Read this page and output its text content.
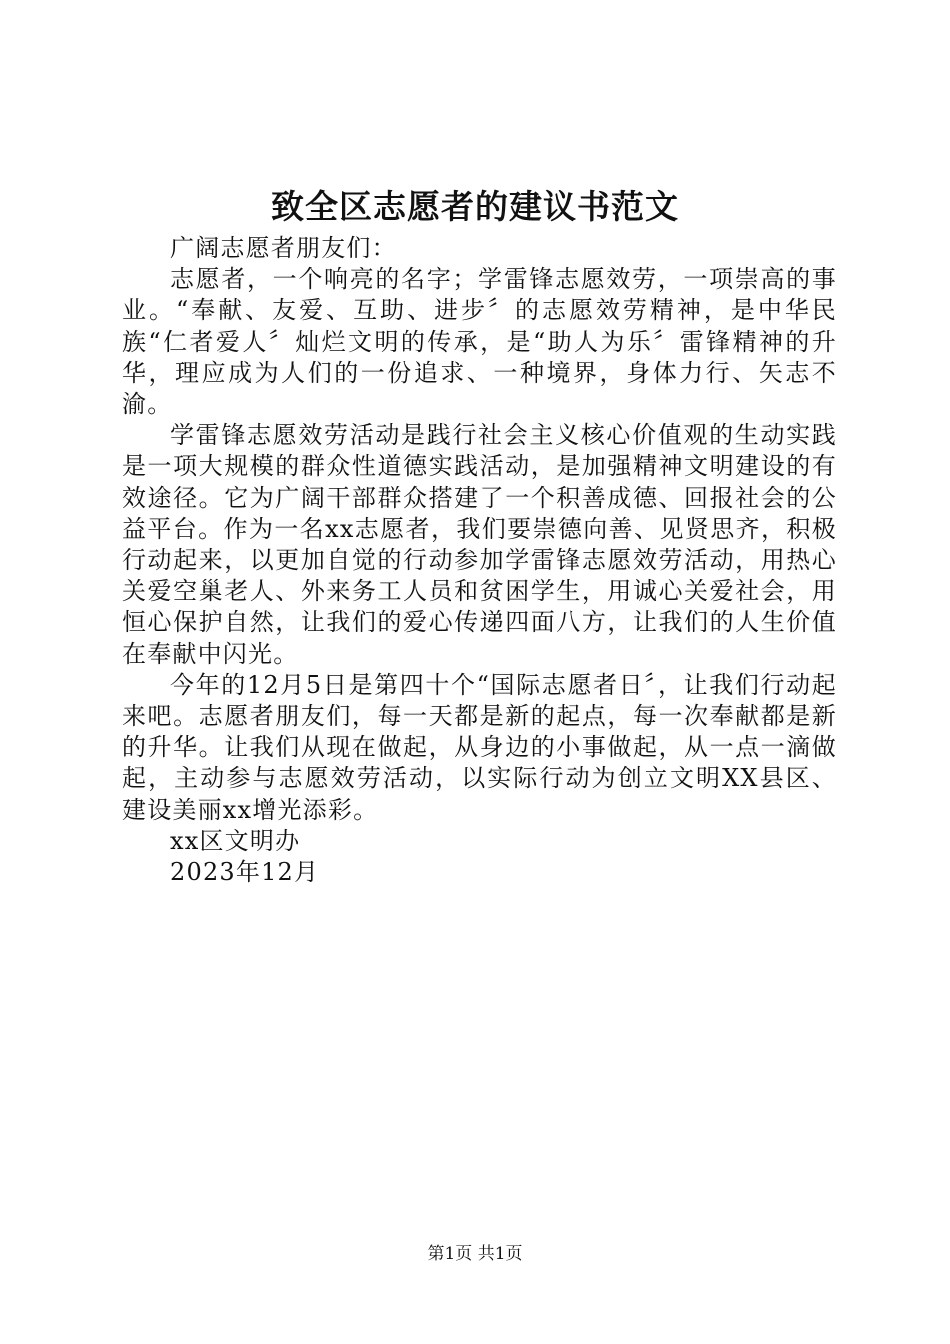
致全区志愿者的建议书范文

广阔志愿者朋友们：

志愿者，一个响亮的名字；学雷锋志愿效劳，一项崇高的事业。“奉献、友爱、互助、进步〞的志愿效劳精神，是中华民族“仁者爱人〞灿烂文明的传承，是“助人为乐〞雷锋精神的升华，理应成为人们的一份追求、一种境界，身体力行、矢志不渝。

学雷锋志愿效劳活动是践行社会主义核心价值观的生动实践是一项大规模的群众性道德实践活动，是加强精神文明建设的有效途径。它为广阔干部群众搭建了一个积善成德、回报社会的公益平台。作为一名xx志愿者，我们要崇德向善、见贤思齐，积极行动起来，以更加自觉的行动参加学雷锋志愿效劳活动，用热心关爱空巢老人、外来务工人员和贫困学生，用诚心关爱社会，用恒心保护自然，让我们的爱心传递四面八方，让我们的人生价值在奉献中闪光。

今年的12月5日是第四十个“国际志愿者日〞，让我们行动起来吧。志愿者朋友们，每一天都是新的起点，每一次奉献都是新的升华。让我们从现在做起，从身边的小事做起，从一点一滴做起，主动参与志愿效劳活动，以实际行动为创立文明XX县区、建设美丽xx增光添彩。

xx区文明办

2023年12月

第1页 共1页
